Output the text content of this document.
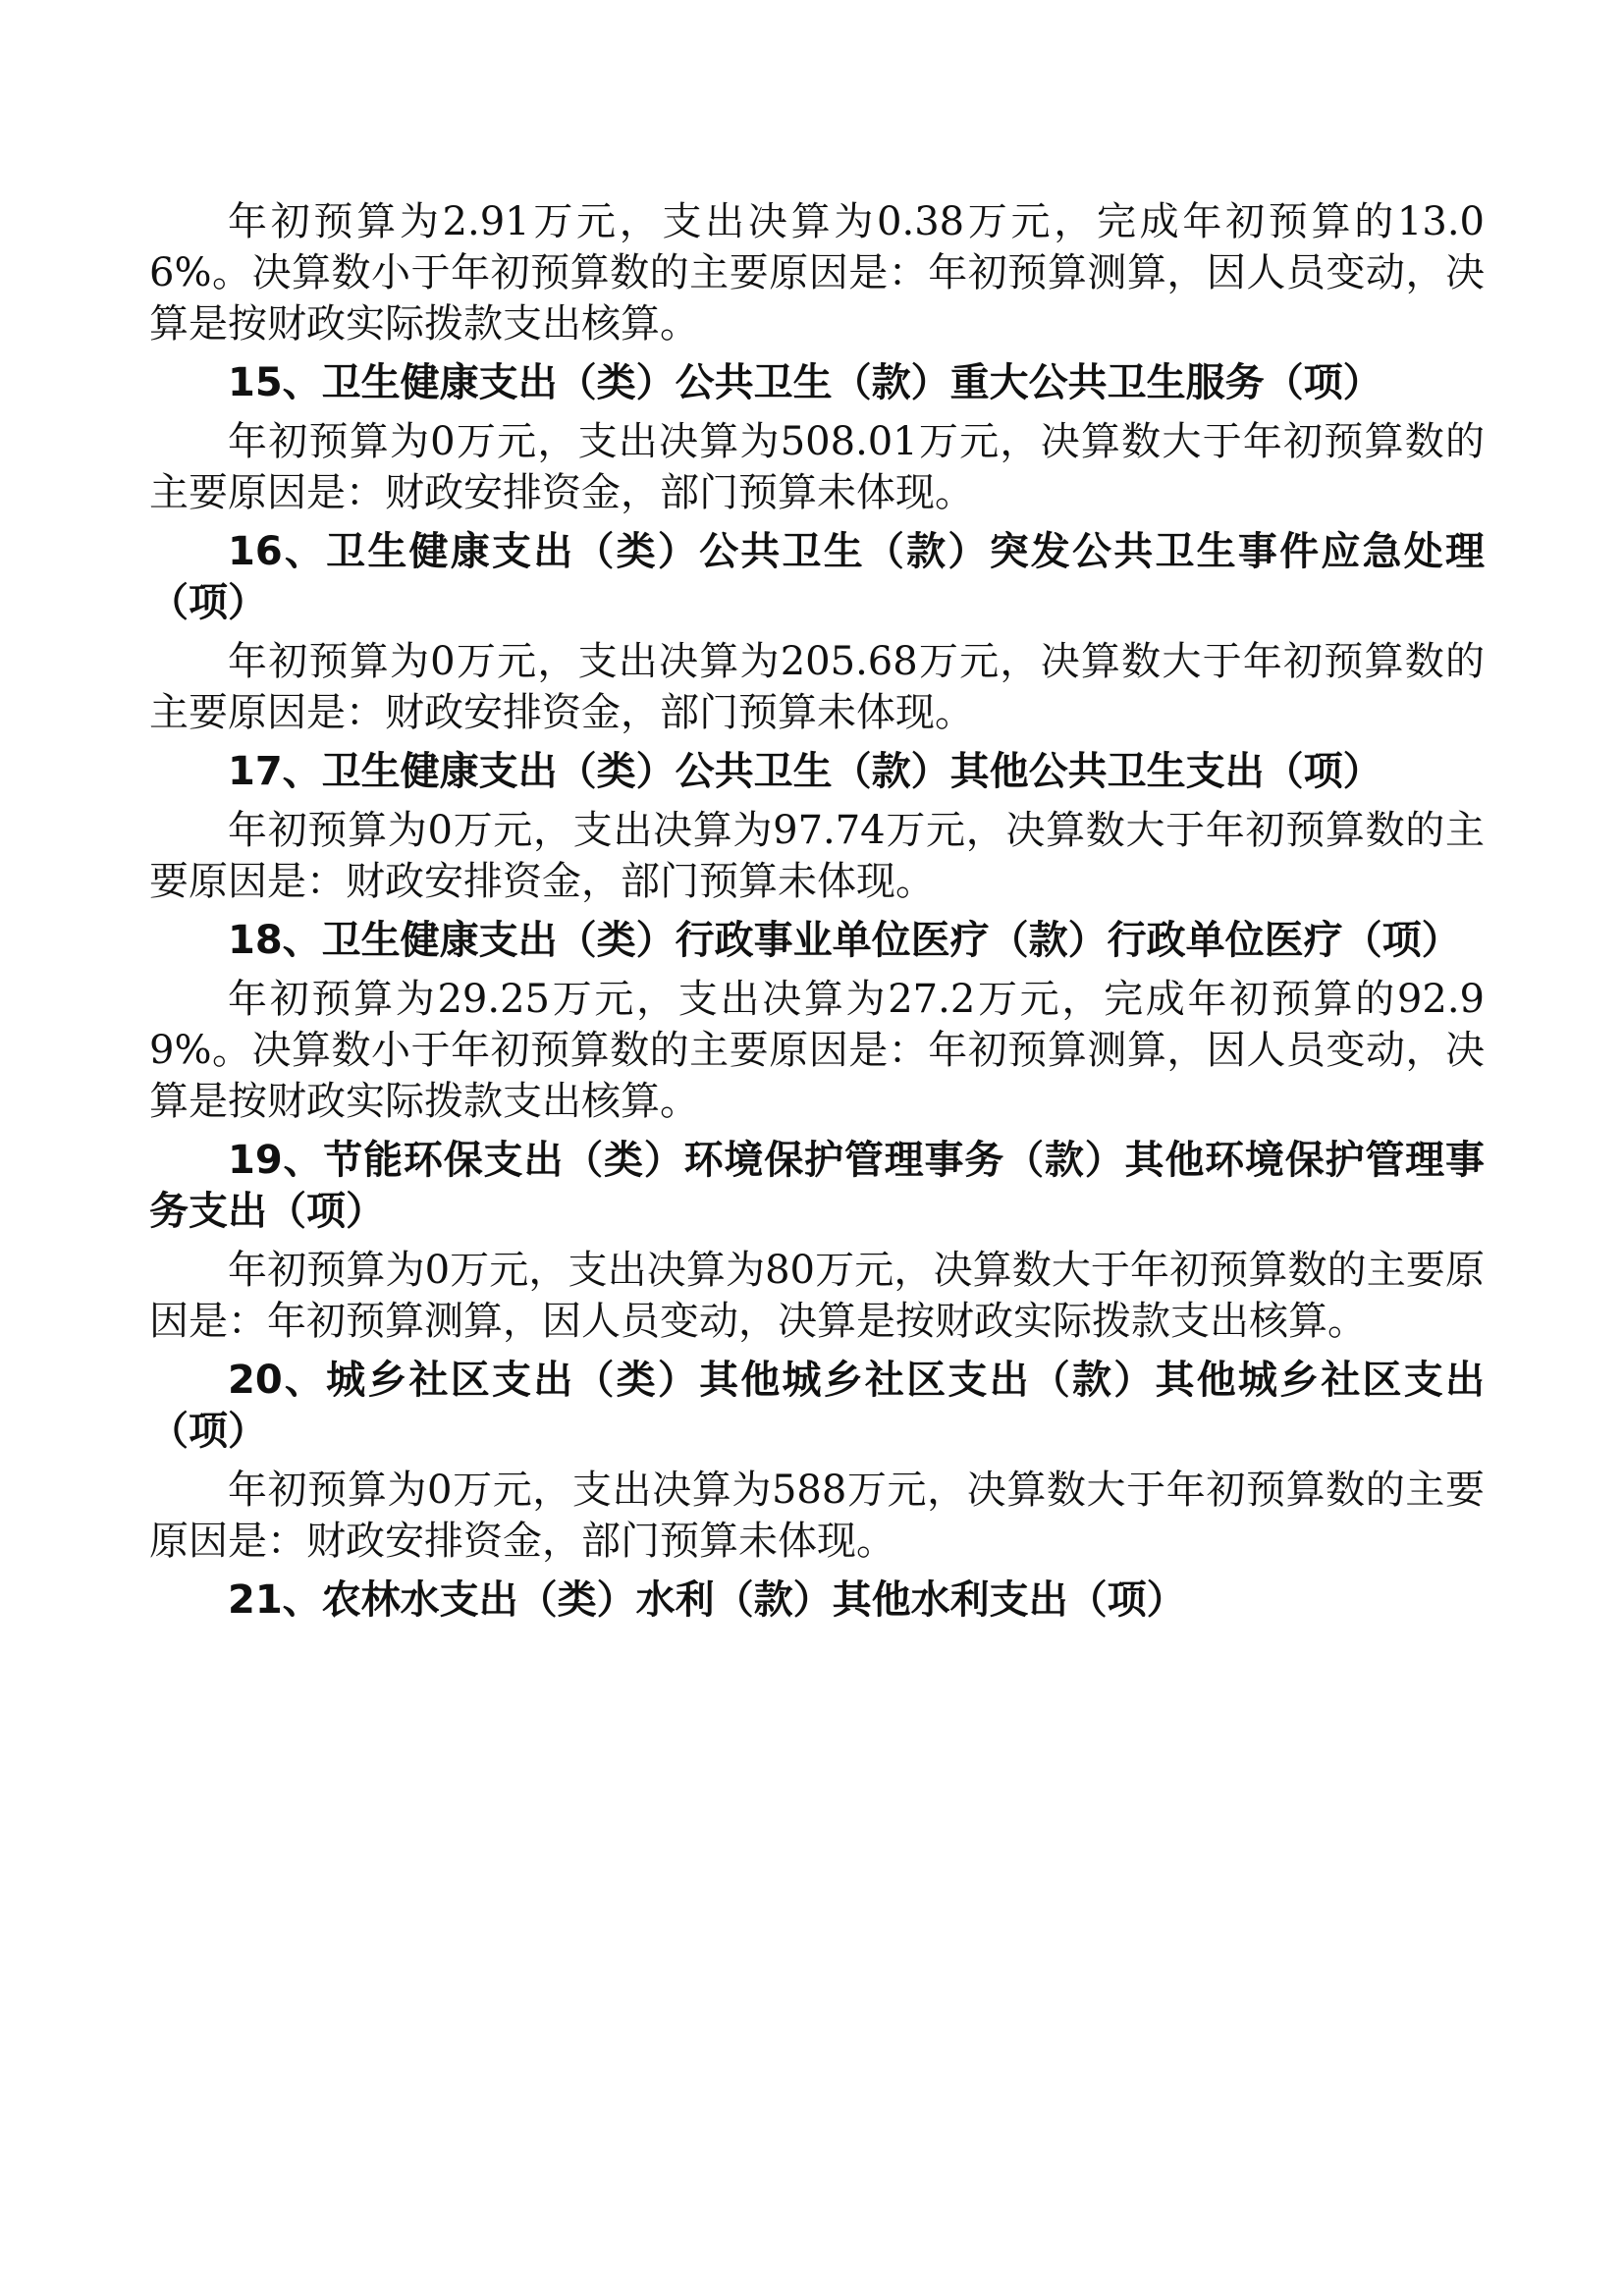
年初预算为2.91万元，支出决算为0.38万元，完成年初预算的13.06%。决算数小于年初预算数的主要原因是：年初预算测算，因人员变动，决算是按财政实际拨款支出核算。

15、卫生健康支出（类）公共卫生（款）重大公共卫生服务（项）

年初预算为0万元，支出决算为508.01万元，决算数大于年初预算数的主要原因是：财政安排资金，部门预算未体现。

16、卫生健康支出（类）公共卫生（款）突发公共卫生事件应急处理（项）

年初预算为0万元，支出决算为205.68万元，决算数大于年初预算数的主要原因是：财政安排资金，部门预算未体现。

17、卫生健康支出（类）公共卫生（款）其他公共卫生支出（项）

年初预算为0万元，支出决算为97.74万元，决算数大于年初预算数的主要原因是：财政安排资金，部门预算未体现。

18、卫生健康支出（类）行政事业单位医疗（款）行政单位医疗（项）

年初预算为29.25万元，支出决算为27.2万元，完成年初预算的92.99%。决算数小于年初预算数的主要原因是：年初预算测算，因人员变动，决算是按财政实际拨款支出核算。

19、节能环保支出（类）环境保护管理事务（款）其他环境保护管理事务支出（项）

年初预算为0万元，支出决算为80万元，决算数大于年初预算数的主要原因是：年初预算测算，因人员变动，决算是按财政实际拨款支出核算。

20、城乡社区支出（类）其他城乡社区支出（款）其他城乡社区支出（项）

年初预算为0万元，支出决算为588万元，决算数大于年初预算数的主要原因是：财政安排资金，部门预算未体现。

21、农林水支出（类）水利（款）其他水利支出（项）
